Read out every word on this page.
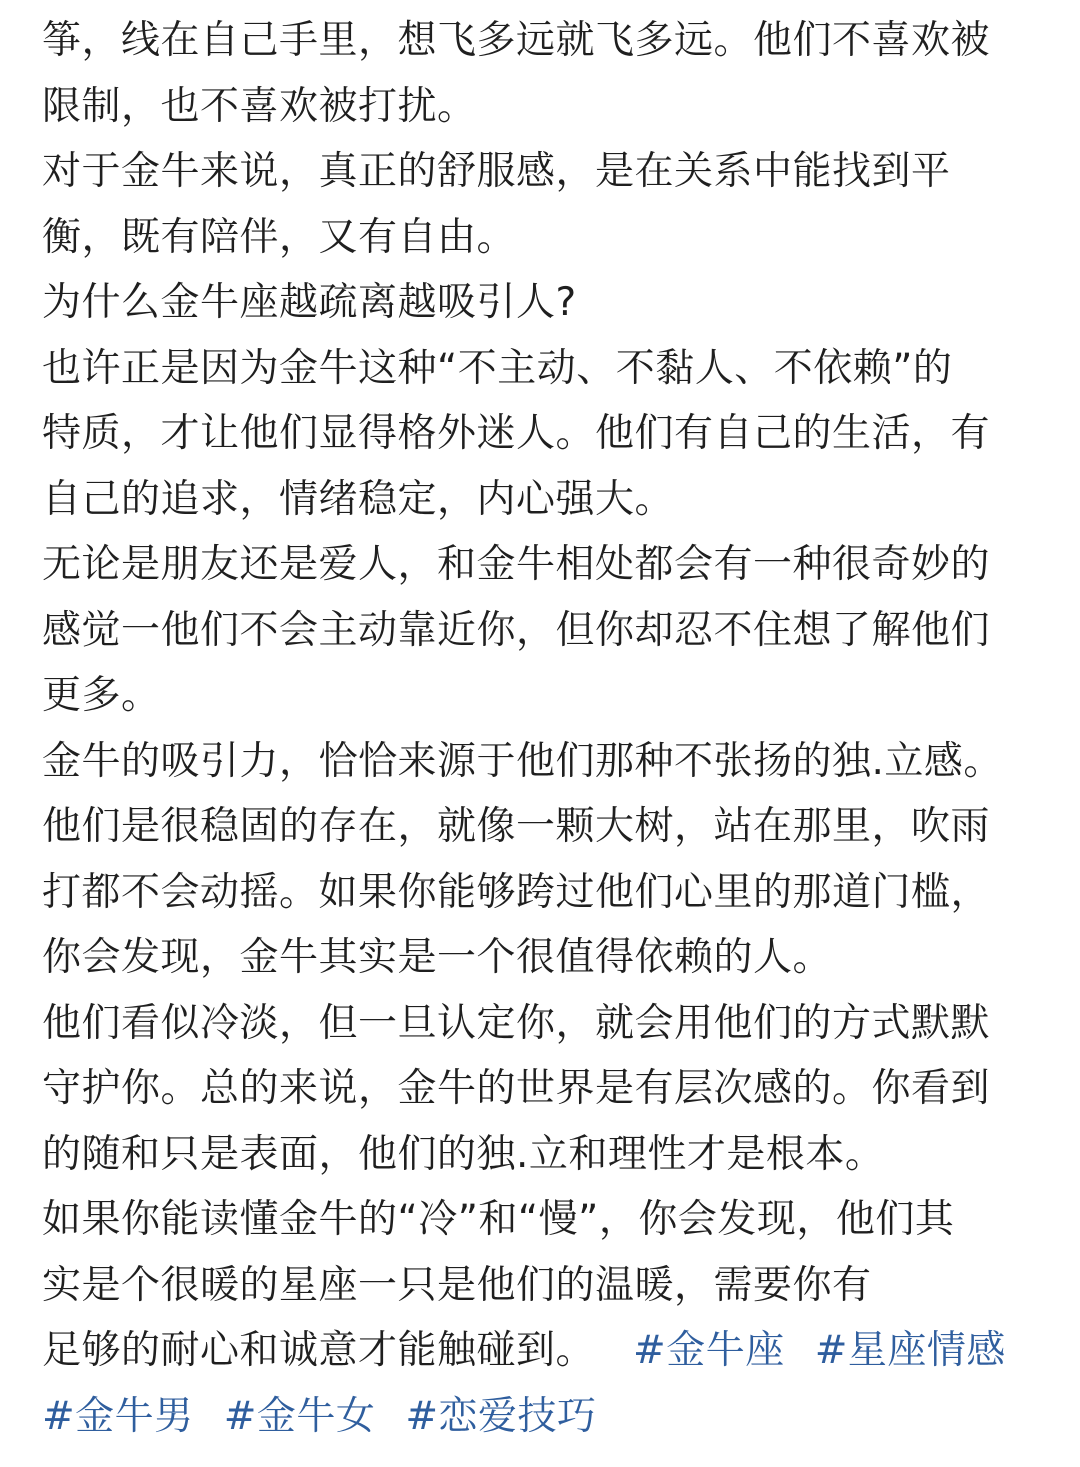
筝，线在自己手里，想飞多远就飞多远。他们不喜欢被
限制，也不喜欢被打扰。
对于金牛来说，真正的舒服感，是在关系中能找到平
衡，既有陪伴，又有自由。
为什么金牛座越疏离越吸引人?
也许正是因为金牛这种“不主动、不黏人、不依赖”的
特质，才让他们显得格外迷人。他们有自己的生活，有
自己的追求，情绪稳定，内心强大。
无论是朋友还是爱人，和金牛相处都会有一种很奇妙的
感觉一他们不会主动靠近你，但你却忍不住想了解他们
更多。
金牛的吸引力，恰恰来源于他们那种不张扬的独.立感。
他们是很稳固的存在，就像一颗大树，站在那里，吹雨
打都不会动摇。如果你能够跨过他们心里的那道门槛，
你会发现，金牛其实是一个很值得依赖的人。
他们看似冷淡，但一旦认定你，就会用他们的方式默默
守护你。总的来说，金牛的世界是有层次感的。你看到
的随和只是表面，他们的独.立和理性才是根本。
如果你能读懂金牛的“冷”和“慢”，你会发现，他们其
实是个很暖的星座一只是他们的温暖，需要你有
足够的耐心和诚意才能触碰到。 #金牛座 #星座情感
#金牛男 #金牛女 #恋爱技巧
